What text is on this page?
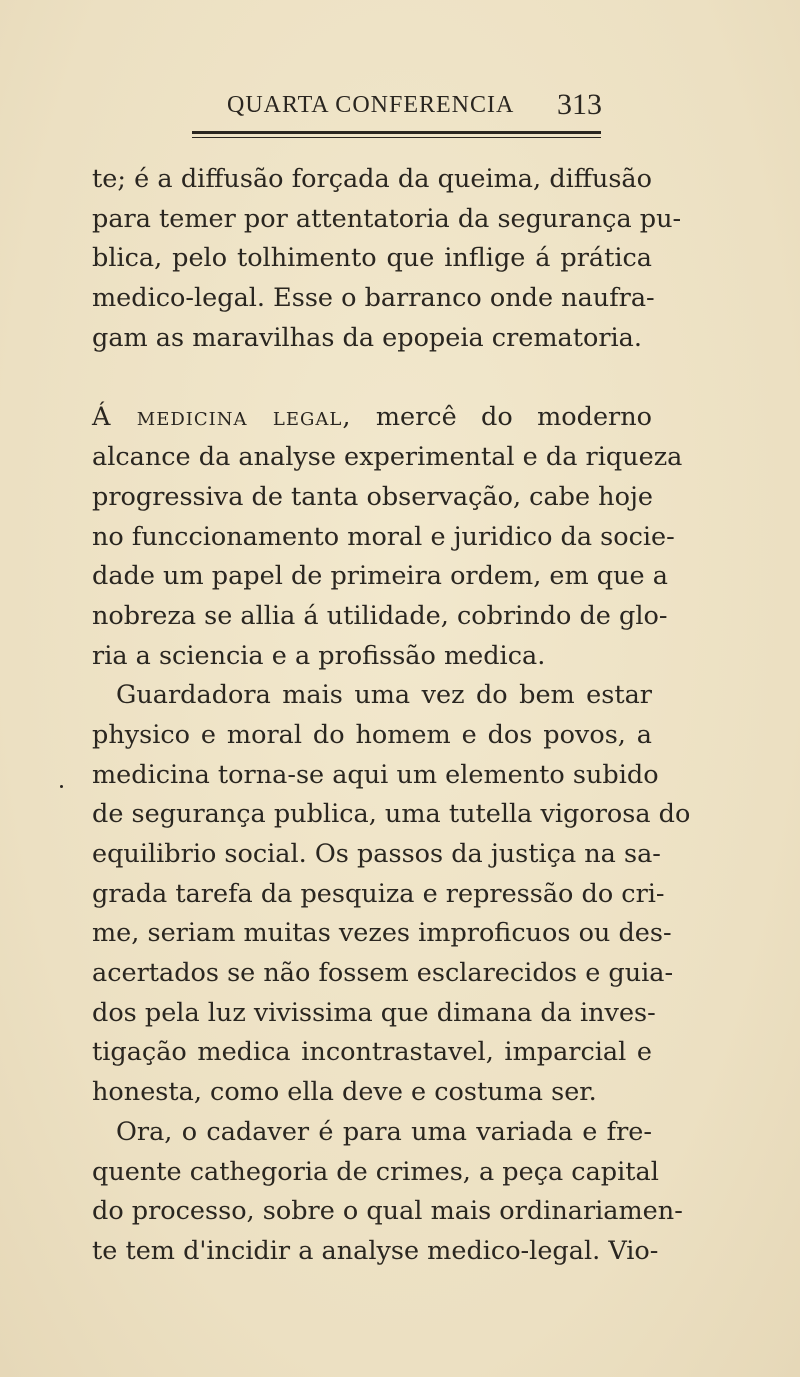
QUARTA CONFERENCIA 313
te; é a diffusão forçada da queima, diffusão
para temer por attentatoria da segurança pu-
blica, pelo tolhimento que inflige á prática
medico-legal. Esse o barranco onde naufra-
gam as maravilhas da epopeia crematoria.
Á medicina legal, mercê do moderno
alcance da analyse experimental e da riqueza
progressiva de tanta observação, cabe hoje
no funccionamento moral e juridico da socie-
dade um papel de primeira ordem, em que a
nobreza se allia á utilidade, cobrindo de glo-
ria a sciencia e a profissão medica.
Guardadora mais uma vez do bem estar
physico e moral do homem e dos povos, a
medicina torna-se aqui um elemento subido
de segurança publica, uma tutella vigorosa do
equilibrio social. Os passos da justiça na sa-
grada tarefa da pesquiza e repressão do cri-
me, seriam muitas vezes improficuos ou des-
acertados se não fossem esclarecidos e guia-
dos pela luz vivissima que dimana da inves-
tigação medica incontrastavel, imparcial e
honesta, como ella deve e costuma ser.
Ora, o cadaver é para uma variada e fre-
quente cathegoria de crimes, a peça capital
do processo, sobre o qual mais ordinariamen-
te tem d'incidir a analyse medico-legal. Vio-
